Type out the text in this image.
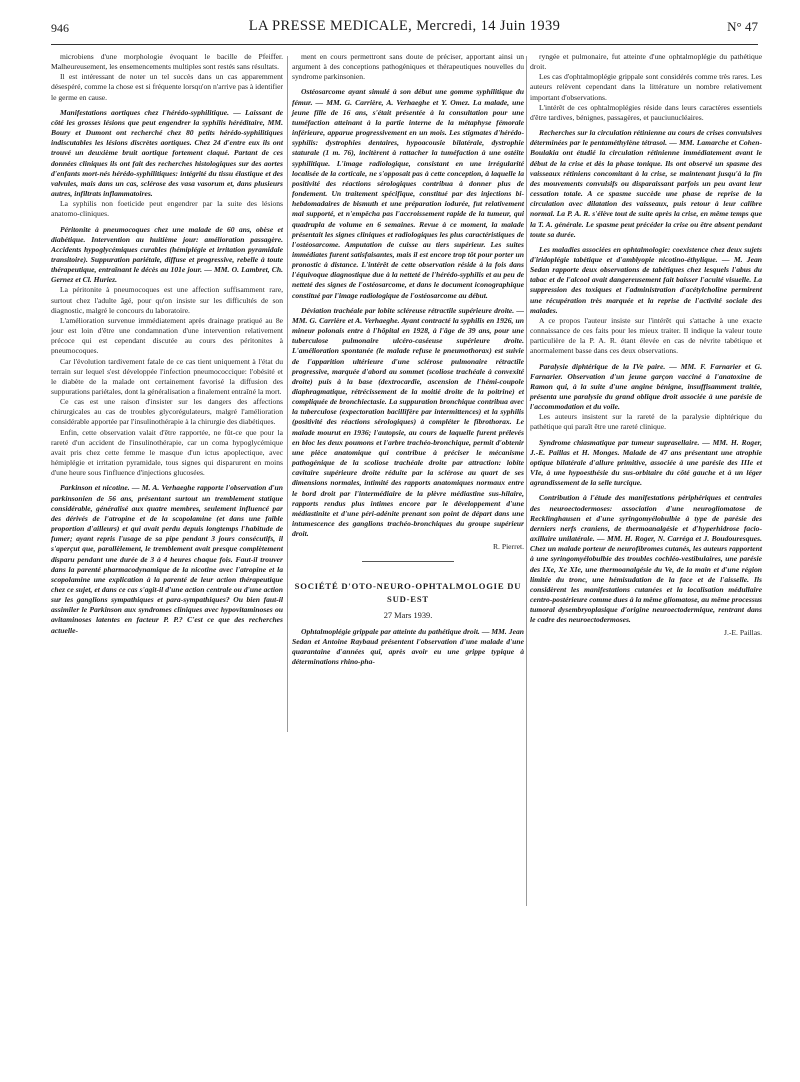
946	LA PRESSE MEDICALE, Mercredi, 14 Juin 1939	N° 47

microbiens d'une morphologie évoquant le bacille de Pfeiffer. Malheureusement, les ensemencements multiples sont restés sans résultats.

Il est intéressant de noter un tel succès dans un cas apparemment désespéré, comme la chose est si fréquente lorsqu'on n'arrive pas à identifier le germe en cause.

Manifestations aortiques chez l'hérédo-syphilitique. — Laissant de côté les grosses lésions que peut engendrer la syphilis héréditaire, MM. Boury et Dumont ont recherché chez 80 petits hérédo-syphilitiques indiscutables les lésions discrètes aortiques. Chez 24 d'entre eux ils ont trouvé un deuxième bruit aortique fortement claqué. Partant de ces données cliniques ils ont fait des recherches histologiques sur des aortes d'enfants mort-nés hérédo-syphilitiques: intégrité du tissu élastique et des valvules, mais dans un cas, sclérose des vasa vasorum et, dans plusieurs autres, infiltrats inflammatoires.

La syphilis non foeticide peut engendrer par la suite des lésions anatomo-cliniques.

Péritonite à pneumocoques chez une malade de 60 ans, obèse et diabétique. Intervention au huitième jour: amélioration passagère. Accidents hypoglycémiques curables (hémiplégie et irritation pyramidale transitoire). Suppuration pariétale, diffuse et progressive, rebelle à toute thérapeutique, entraînant le décès au 101e jour. — MM. O. Lambret, Ch. Gernez et Cl. Huriez.

La péritonite à pneumocoques est une affection suffisamment rare, surtout chez l'adulte âgé, pour qu'on insiste sur les difficultés de son diagnostic, malgré le concours du laboratoire.

L'amélioration survenue immédiatement après drainage pratiqué au 8e jour est loin d'être une condamnation d'une intervention relativement précoce qui est cependant discutée au cours des péritonites à pneumocoques.

Car l'évolution tardivement fatale de ce cas tient uniquement à l'état du terrain sur lequel s'est développée l'infection pneumococcique: l'obésité et le diabète de la malade ont certainement favorisé la diffusion des suppurations pariétales, dont la généralisation a finalement entraîné la mort.

Ce cas est une raison d'insister sur les dangers des affections chirurgicales au cas de troubles glycorégulateurs, malgré l'amélioration considérable apportée par l'insulinothérapie à la chirurgie des diabétiques.

Enfin, cette observation valait d'être rapportée, ne fût-ce que pour la rareté d'un accident de l'insulinothérapie, car un coma hypoglycémique avait pris chez cette femme le masque d'un ictus apoplectique, avec hémiplégie et irritation pyramidale, tous signes qui disparurent en moins d'une heure sous l'influence d'injections glucosées.

Parkinson et nicotine. — M. A. Verhaeghe rapporte l'observation d'un parkinsonien de 56 ans, présentant surtout un tremblement statique considérable, généralisé aux quatre membres, seulement influencé par des dérivés de l'atropine et de la scopolamine (et dans une faible proportion d'ailleurs) et qui avait perdu depuis longtemps l'habitude de fumer; ayant repris l'usage de sa pipe pendant 3 jours consécutifs, il s'aperçut que, parallèlement, le tremblement avait presque complètement disparu pendant une durée de 3 à 4 heures chaque fois. Faut-il trouver dans la parenté pharmacodynamique de la nicotine avec l'atropine et la scopolamine une explication à la parenté de leur action thérapeutique chez ce sujet, et dans ce cas s'agit-il d'une action centrale ou d'une action sur les ganglions sympathiques et para-sympathiques? Ou bien faut-il assimiler le Parkinson aux syndromes cliniques avec hypovitaminoses ou avitaminoses latentes en facteur P. P.? C'est ce que des recherches actuelle-

ment en cours permettront sans doute de préciser, apportant ainsi un argument à des conceptions pathogéniques et thérapeutiques nouvelles du syndrome parkinsonien.

Ostéosarcome ayant simulé à son début une gomme syphilitique du fémur. — MM. G. Carrière, A. Verhaeghe et Y. Omez. La malade, une jeune fille de 16 ans, s'était présentée à la consultation pour une tuméfaction atteinant à la partie interne de la métaphyse fémorale inférieure, apparue progressivement en un mois. Les stigmates d'hérédo-syphilis: dystrophies dentaires, hypoacousie bilatérale, dystrophie staturale (1 m. 76), incitèrent à rattacher la tuméfaction à une ostéite syphilitique. L'image radiologique, consistant en une irrégularité localisée de la corticale, ne s'opposait pas à cette conception, à laquelle la positivité des réactions sérologiques contribua à donner plus de fondement. Un traitement spécifique, constitué par des injections bi-hebdomadaires de bismuth et une préparation iodurée, fut relativement mal supporté, et n'empêcha pas l'accroissement rapide de la tumeur, qui quadrupla de volume en 6 semaines. Revue à ce moment, la malade présentait les signes cliniques et radiologiques les plus caractéristiques de l'ostéosarcome. Amputation de cuisse au tiers supérieur. Les suites immédiates furent satisfaisantes, mais il est encore trop tôt pour porter un pronostic à distance. L'intérêt de cette observation réside à la fois dans l'équivoque diagnostique due à la netteté de l'hérédo-syphilis et au peu de netteté des signes de l'ostéosarcome, et dans le document iconographique constitué par l'image radiologique de l'ostéosarcome au début.

Déviation trachéale par lobite scléreuse rétractile supérieure droite. — MM. G. Carrière et A. Verhaeghe. Ayant contracté la syphilis en 1926, un mineur polonais entre à l'hôpital en 1928, à l'âge de 39 ans, pour une tuberculose pulmonaire ulcéro-caséeuse supérieure droite. L'amélioration spontanée (le malade refuse le pneumothorax) est suivie de l'apparition ultérieure d'une sclérose pulmonaire rétractile progressive, marquée d'abord au sommet (scoliose trachéale à convexité droite) puis à la base (dextrocardie, ascension de l'hémi-coupole diaphragmatique, rétrécissement de la moitié droite de la poitrine) et compliquée de bronchiectasie. La suppuration bronchique contribua avec la tuberculose (expectoration bacillifère par intermittences) et la syphilis (positivité des réactions sérologiques) à compléter le fibrothorax. Le malade mourut en 1936; l'autopsie, au cours de laquelle furent prélevés en bloc les deux poumons et l'arbre trachéo-bronchique, permit d'obtenir une pièce anatomique qui contribue à préciser le mécanisme pathogénique de la scoliose trachéale droite par attraction: lobite cavitaire supérieure droite réduite par la sclérose au quart de ses dimensions normales, intimité des rapports anatomiques normaux entre le bord droit par l'intermédiaire de la plèvre médiastine sus-hilaire, rapports rendus plus intimes encore par le développement d'une médiastinite et d'une péri-adénite prenant son point de départ dans une intumescence des ganglions trachéo-bronchiques du groupe supérieur droit.

R. Pierret.

SOCIÉTÉ D'OTO-NEURO-OPHTALMOLOGIE DU SUD-EST

27 Mars 1939.

Ophtalmoplégie grippale par atteinte du pathétique droit. — MM. Jean Sedan et Antoine Raybaud présentent l'observation d'une malade d'une quarantaine d'années qui, après avoir eu une grippe typique à déterminations rhino-pha-

ryngée et pulmonaire, fut atteinte d'une ophtalmoplégie du pathétique droit.

Les cas d'ophtalmoplégie grippale sont considérés comme très rares. Les auteurs relèvent cependant dans la littérature un nombre relativement important d'observations.

L'intérêt de ces ophtalmoplégies réside dans leurs caractères essentiels d'être tardives, bénignes, passagères, et pauciunucléaires.

Recherches sur la circulation rétinienne au cours de crises convulsives déterminées par le pentaméthylène tétrasol. — MM. Lamarche et Cohen-Boulakia ont étudié la circulation rétinienne immédiatement avant le début de la crise et dès la phase tonique. Ils ont observé un spasme des vaisseaux rétiniens concomitant à la crise, se maintenant jusqu'à la fin des mouvements convulsifs ou disparaissant parfois un peu avant leur cessation totale. A ce spasme succède une phase de reprise de la circulation avec dilatation des vaisseaux, puis retour à leur calibre normal. La P. A. R. s'élève tout de suite après la crise, en même temps que la T. A. générale. Le spasme peut précéder la crise ou être absent pendant toute sa durée.

Les maladies associées en ophtalmologie: coexistence chez deux sujets d'iridoplégie tabétique et d'amblyopie nicotino-éthylique. — M. Jean Sedan rapporte deux observations de tabétiques chez lesquels l'abus du tabac et de l'alcool avait dangereusement fait baisser l'acuité visuelle. La suppression des toxiques et l'administration d'acétylcholine permirent une récupération très marquée et la reprise de l'activité sociale des malades.

A ce propos l'auteur insiste sur l'intérêt qui s'attache à une exacte connaissance de ces faits pour les mieux traiter. Il indique la valeur toute particulière de la P. A. R. étant élevée en cas de névrite tabétique et anormalement basse dans ces deux observations.

Paralysie diphtérique de la IVe paire. — MM. F. Farnarier et G. Farnarier. Observation d'un jeune garçon vacciné à l'anatoxine de Ramon qui, à la suite d'une angine bénigne, insuffisamment traitée, présenta une paralysie du grand oblique droit associée à une parésie de l'accommodation et du voile.

Les auteurs insistent sur la rareté de la paralysie diphtérique du pathétique qui paraît être une rareté clinique.

Syndrome chiasmatique par tumeur suprasellaire. — MM. H. Roger, J.-E. Paillas et H. Monges. Malade de 47 ans présentant une atrophie optique bilatérale d'allure primitive, associée à une parésie des IIIe et VIe, à une hypoesthésie du sus-orbitaire du côté gauche et à un léger agrandissement de la selle turcique.

Contribution à l'étude des manifestations périphériques et centrales des neuroectodermoses: association d'une neurogliomatose de Recklinghausen et d'une syringomyélobulbie à type de parésie des derniers nerfs craniens, de thermoanalgésie et d'hyperhidrose facio-axillaire unilatérale. — MM. H. Roger, N. Carréga et J. Boudouresques. Chez un malade porteur de neurofibromes cutanés, les auteurs rapportent à une syringomyélobulbie des troubles cochléo-vestibulaires, une parésie des IXe, Xe XIe, une thermoanalgésie du Ve, de la main et d'une région limitée du tronc, une hémisudation de la face et de l'aisselle. Ils considèrent les manifestations cutanées et la localisation médullaire centro-postérieure comme dues à la même gliomatose, au même processus tumoral dysembryoplasique d'origine neuroectodermique, rentrant dans le cadre des neuroectodermoses.

J.-E. Paillas.
